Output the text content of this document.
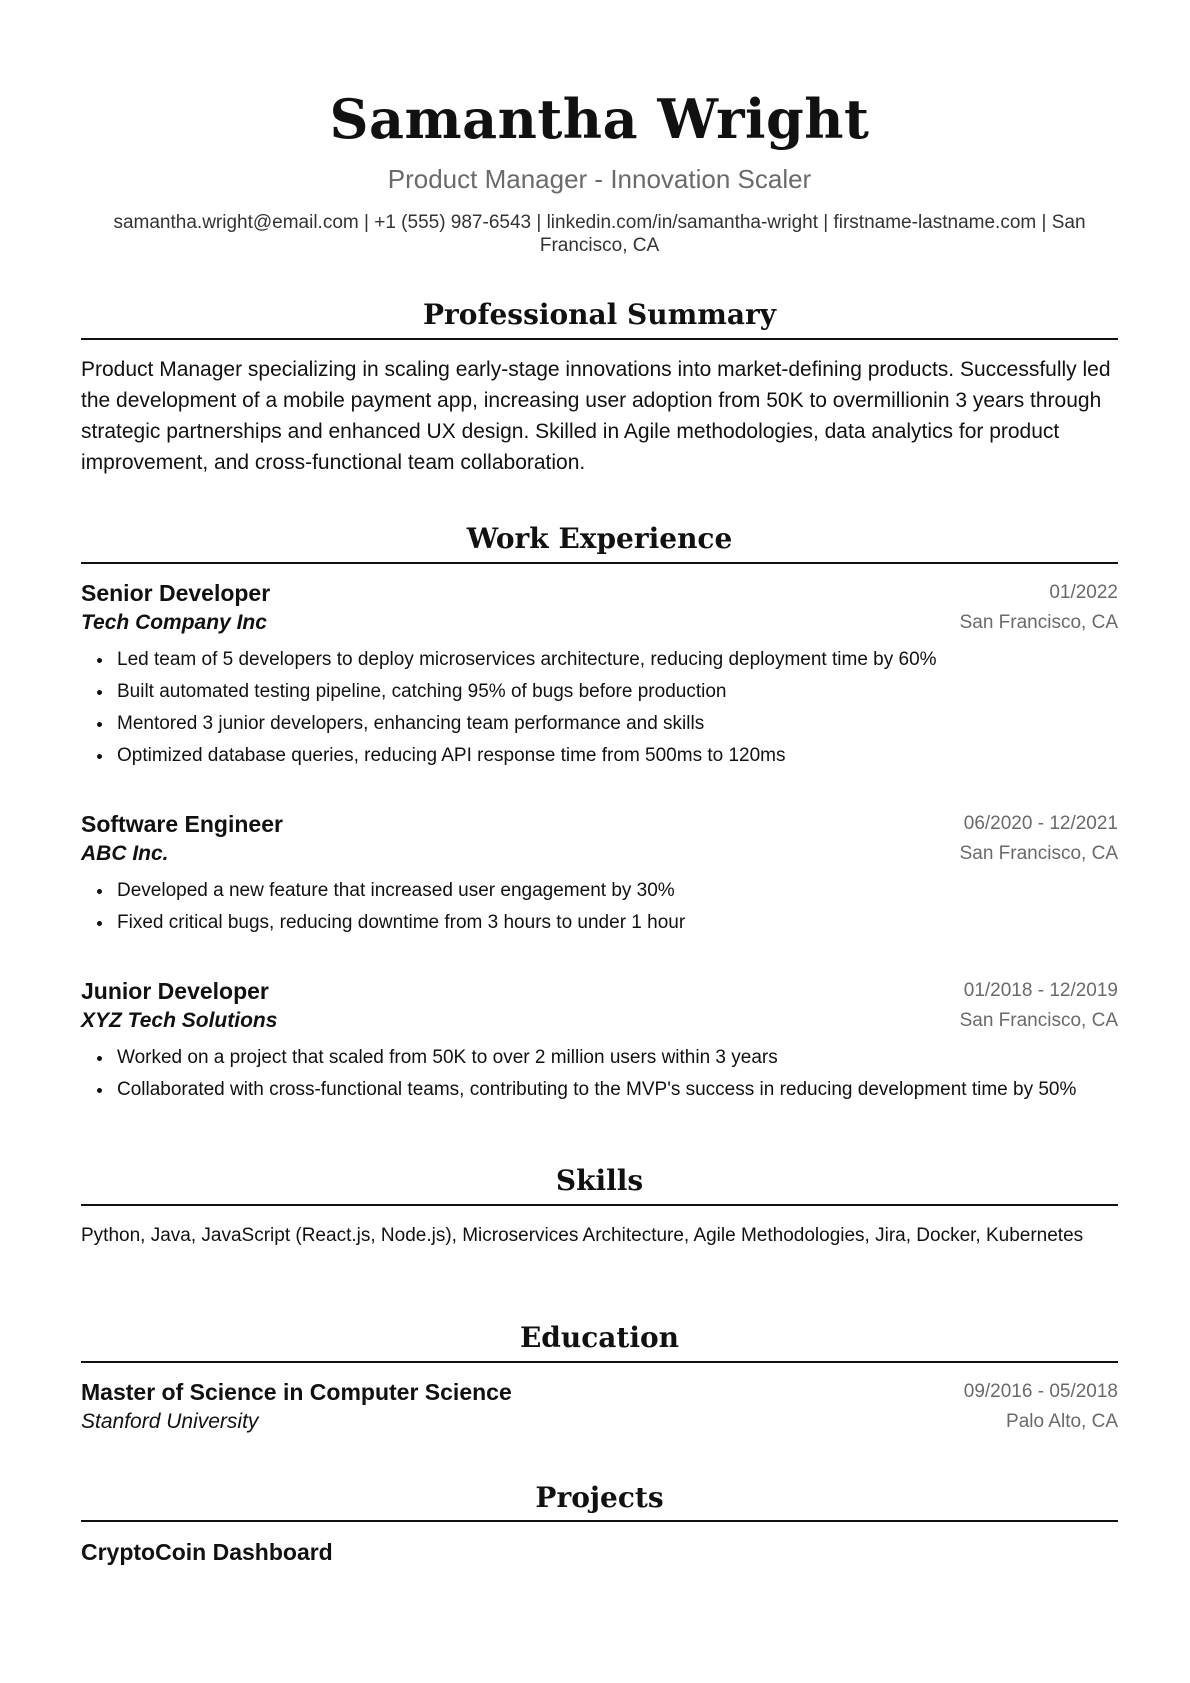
Samantha Wright
Product Manager - Innovation Scaler
samantha.wright@email.com | +1 (555) 987-6543 | linkedin.com/in/samantha-wright | firstname-lastname.com | San Francisco, CA
Professional Summary
Product Manager specializing in scaling early-stage innovations into market-defining products. Successfully led the development of a mobile payment app, increasing user adoption from 50K to overmillionin 3 years through strategic partnerships and enhanced UX design. Skilled in Agile methodologies, data analytics for product improvement, and cross-functional team collaboration.
Work Experience
Senior Developer	01/2022
Tech Company Inc	San Francisco, CA
Led team of 5 developers to deploy microservices architecture, reducing deployment time by 60%
Built automated testing pipeline, catching 95% of bugs before production
Mentored 3 junior developers, enhancing team performance and skills
Optimized database queries, reducing API response time from 500ms to 120ms
Software Engineer	06/2020 - 12/2021
ABC Inc.	San Francisco, CA
Developed a new feature that increased user engagement by 30%
Fixed critical bugs, reducing downtime from 3 hours to under 1 hour
Junior Developer	01/2018 - 12/2019
XYZ Tech Solutions	San Francisco, CA
Worked on a project that scaled from 50K to over 2 million users within 3 years
Collaborated with cross-functional teams, contributing to the MVP's success in reducing development time by 50%
Skills
Python, Java, JavaScript (React.js, Node.js), Microservices Architecture, Agile Methodologies, Jira, Docker, Kubernetes
Education
Master of Science in Computer Science	09/2016 - 05/2018
Stanford University	Palo Alto, CA
Projects
CryptoCoin Dashboard
